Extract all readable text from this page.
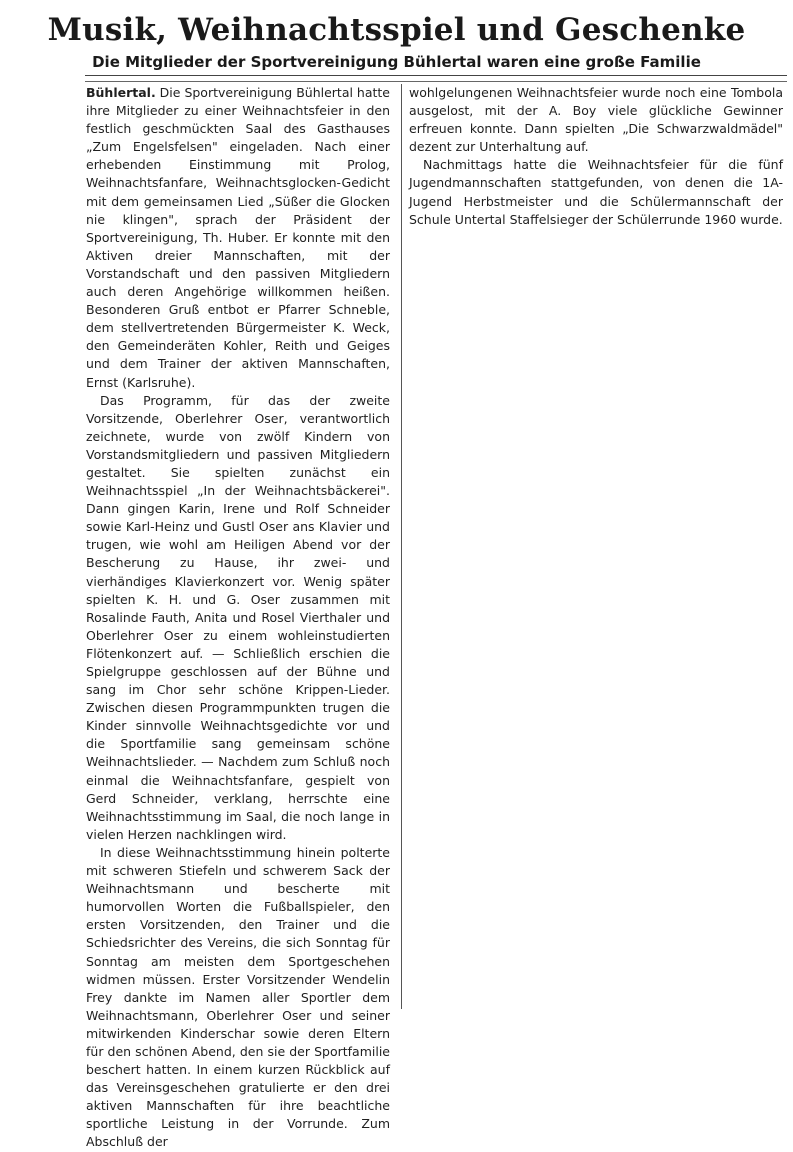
Musik, Weihnachtsspiel und Geschenke
Die Mitglieder der Sportvereinigung Bühlertal waren eine große Familie

Bühlertal. Die Sportvereinigung Bühlertal hatte ihre Mitglieder zu einer Weihnachtsfeier in den festlich geschmückten Saal des Gasthauses „Zum Engelsfelsen" eingeladen. Nach einer erhebenden Einstimmung mit Prolog, Weihnachtsfanfare, Weihnachtsglocken-Gedicht mit dem gemeinsamen Lied „Süßer die Glocken nie klingen", sprach der Präsident der Sportvereinigung, Th. Huber. Er konnte mit den Aktiven dreier Mannschaften, mit der Vorstandschaft und den passiven Mitgliedern auch deren Angehörige willkommen heißen. Besonderen Gruß entbot er Pfarrer Schneble, dem stellvertretenden Bürgermeister K. Weck, den Gemeinderäten Kohler, Reith und Geiges und dem Trainer der aktiven Mannschaften, Ernst (Karlsruhe).

Das Programm, für das der zweite Vorsitzende, Oberlehrer Oser, verantwortlich zeichnete, wurde von zwölf Kindern von Vorstandsmitgliedern und passiven Mitgliedern gestaltet. Sie spielten zunächst ein Weihnachtsspiel „In der Weihnachtsbäckerei". Dann gingen Karin, Irene und Rolf Schneider sowie Karl-Heinz und Gustl Oser ans Klavier und trugen, wie wohl am Heiligen Abend vor der Bescherung zu Hause, ihr zwei- und vierhändiges Klavierkonzert vor. Wenig später spielten K. H. und G. Oser zusammen mit Rosalinde Fauth, Anita und Rosel Vierthaler und Oberlehrer Oser zu einem wohleinstudierten Flötenkonzert auf. — Schließlich erschien die Spielgruppe geschlossen auf der Bühne und sang im Chor sehr schöne Krippen-Lieder. Zwischen diesen Programmpunkten trugen die Kinder sinnvolle Weihnachtsgedichte vor und die Sportfamilie sang gemeinsam schöne Weihnachtslieder. — Nachdem zum Schluß noch einmal die Weihnachtsfanfare, gespielt von Gerd Schneider, verklang, herrschte eine Weihnachtsstimmung im Saal, die noch lange in vielen Herzen nachklingen wird.

In diese Weihnachtsstimmung hinein polterte mit schweren Stiefeln und schwerem Sack der Weihnachtsmann und bescherte mit humorvollen Worten die Fußballspieler, den ersten Vorsitzenden, den Trainer und die Schiedsrichter des Vereins, die sich Sonntag für Sonntag am meisten dem Sportgeschehen widmen müssen. Erster Vorsitzender Wendelin Frey dankte im Namen aller Sportler dem Weihnachtsmann, Oberlehrer Oser und seiner mitwirkenden Kinderschar sowie deren Eltern für den schönen Abend, den sie der Sportfamilie beschert hatten. In einem kurzen Rückblick auf das Vereinsgeschehen gratulierte er den drei aktiven Mannschaften für ihre beachtliche sportliche Leistung in der Vorrunde. Zum Abschluß der

wohlgelungenen Weihnachtsfeier wurde noch eine Tombola ausgelost, mit der A. Boy viele glückliche Gewinner erfreuen konnte. Dann spielten „Die Schwarzwaldmädel" dezent zur Unterhaltung auf.

Nachmittags hatte die Weihnachtsfeier für die fünf Jugendmannschaften stattgefunden, von denen die 1A-Jugend Herbstmeister und die Schülermannschaft der Schule Untertal Staffelsieger der Schülerrunde 1960 wurde.
